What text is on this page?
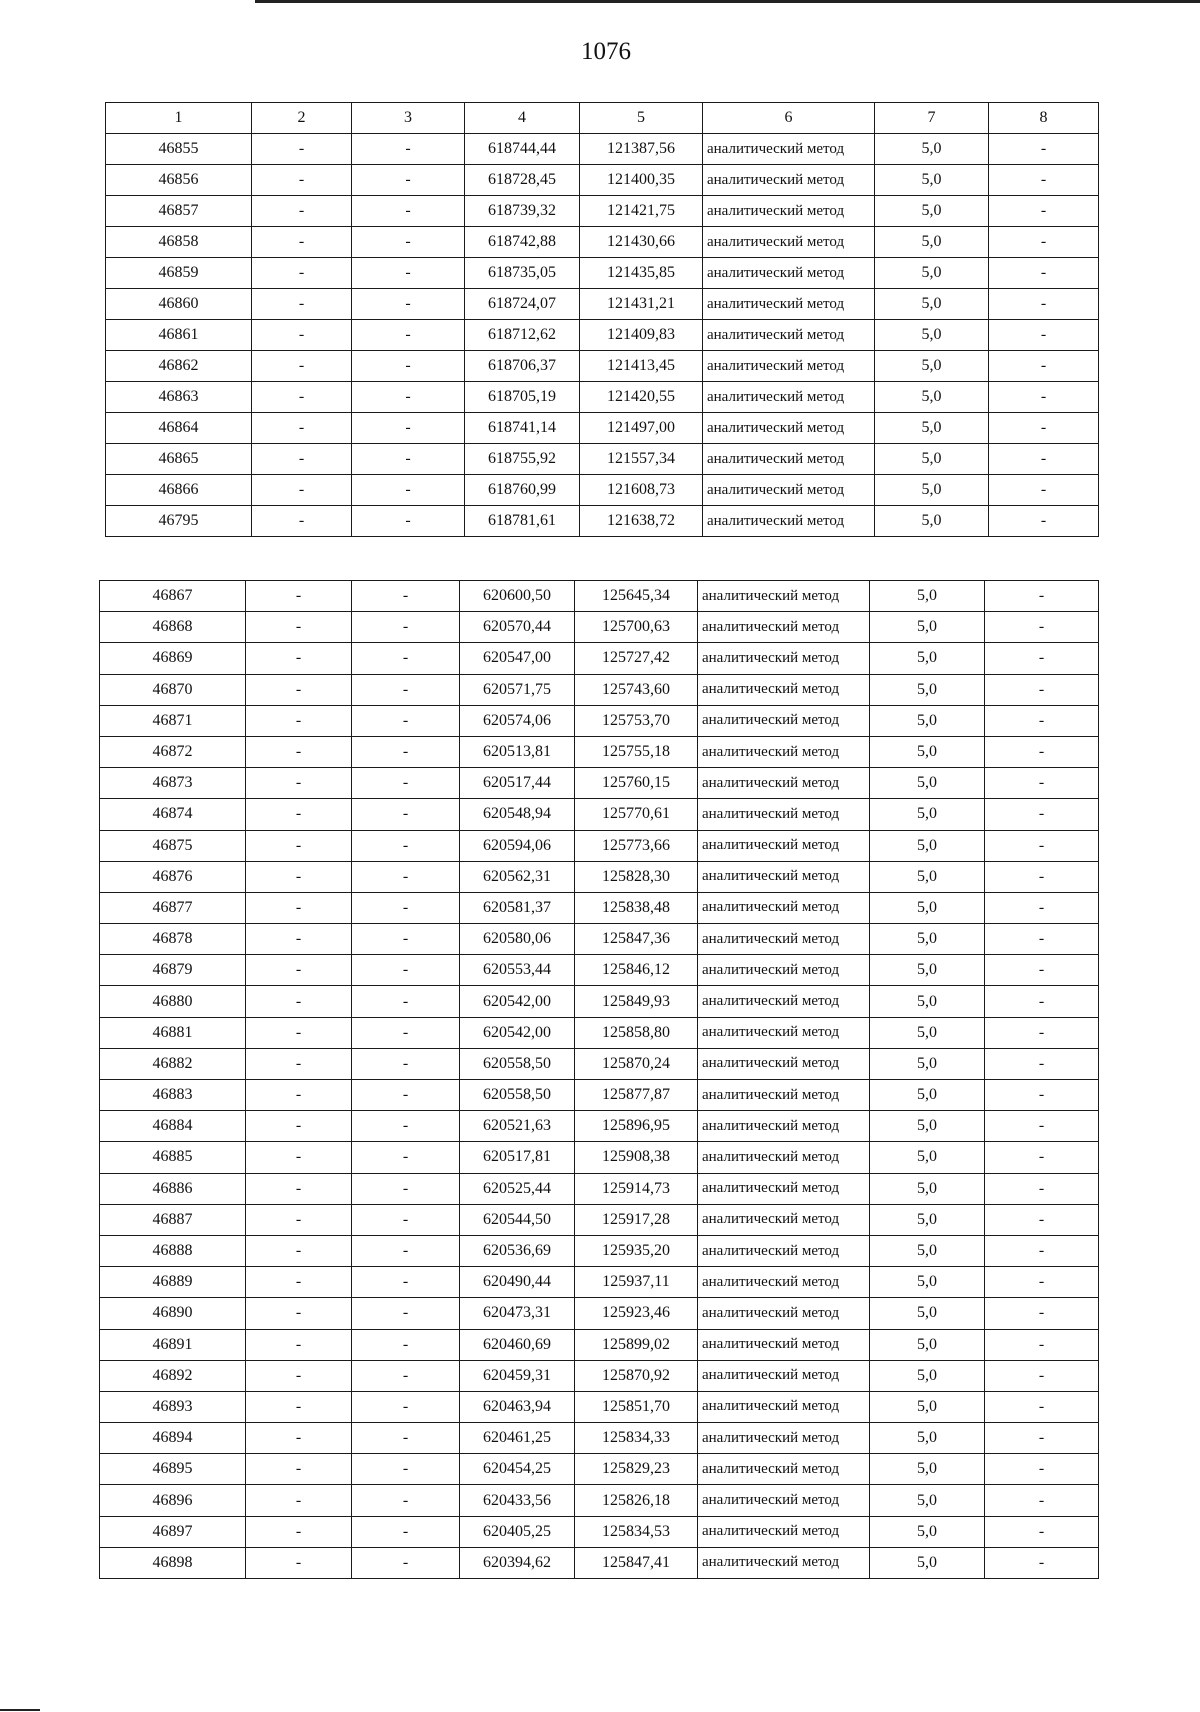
1076
1	2	3	4	5	6	7	8
46855	-	-	618744,44	121387,56	аналитический метод	5,0	-
46856	-	-	618728,45	121400,35	аналитический метод	5,0	-
46857	-	-	618739,32	121421,75	аналитический метод	5,0	-
46858	-	-	618742,88	121430,66	аналитический метод	5,0	-
46859	-	-	618735,05	121435,85	аналитический метод	5,0	-
46860	-	-	618724,07	121431,21	аналитический метод	5,0	-
46861	-	-	618712,62	121409,83	аналитический метод	5,0	-
46862	-	-	618706,37	121413,45	аналитический метод	5,0	-
46863	-	-	618705,19	121420,55	аналитический метод	5,0	-
46864	-	-	618741,14	121497,00	аналитический метод	5,0	-
46865	-	-	618755,92	121557,34	аналитический метод	5,0	-
46866	-	-	618760,99	121608,73	аналитический метод	5,0	-
46795	-	-	618781,61	121638,72	аналитический метод	5,0	-
46867	-	-	620600,50	125645,34	аналитический метод	5,0	-
46868	-	-	620570,44	125700,63	аналитический метод	5,0	-
46869	-	-	620547,00	125727,42	аналитический метод	5,0	-
46870	-	-	620571,75	125743,60	аналитический метод	5,0	-
46871	-	-	620574,06	125753,70	аналитический метод	5,0	-
46872	-	-	620513,81	125755,18	аналитический метод	5,0	-
46873	-	-	620517,44	125760,15	аналитический метод	5,0	-
46874	-	-	620548,94	125770,61	аналитический метод	5,0	-
46875	-	-	620594,06	125773,66	аналитический метод	5,0	-
46876	-	-	620562,31	125828,30	аналитический метод	5,0	-
46877	-	-	620581,37	125838,48	аналитический метод	5,0	-
46878	-	-	620580,06	125847,36	аналитический метод	5,0	-
46879	-	-	620553,44	125846,12	аналитический метод	5,0	-
46880	-	-	620542,00	125849,93	аналитический метод	5,0	-
46881	-	-	620542,00	125858,80	аналитический метод	5,0	-
46882	-	-	620558,50	125870,24	аналитический метод	5,0	-
46883	-	-	620558,50	125877,87	аналитический метод	5,0	-
46884	-	-	620521,63	125896,95	аналитический метод	5,0	-
46885	-	-	620517,81	125908,38	аналитический метод	5,0	-
46886	-	-	620525,44	125914,73	аналитический метод	5,0	-
46887	-	-	620544,50	125917,28	аналитический метод	5,0	-
46888	-	-	620536,69	125935,20	аналитический метод	5,0	-
46889	-	-	620490,44	125937,11	аналитический метод	5,0	-
46890	-	-	620473,31	125923,46	аналитический метод	5,0	-
46891	-	-	620460,69	125899,02	аналитический метод	5,0	-
46892	-	-	620459,31	125870,92	аналитический метод	5,0	-
46893	-	-	620463,94	125851,70	аналитический метод	5,0	-
46894	-	-	620461,25	125834,33	аналитический метод	5,0	-
46895	-	-	620454,25	125829,23	аналитический метод	5,0	-
46896	-	-	620433,56	125826,18	аналитический метод	5,0	-
46897	-	-	620405,25	125834,53	аналитический метод	5,0	-
46898	-	-	620394,62	125847,41	аналитический метод	5,0	-
